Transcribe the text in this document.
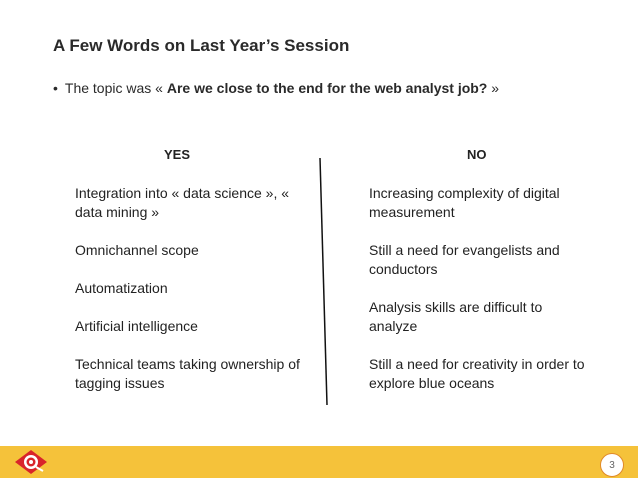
A Few Words on Last Year’s Session
• The topic was « Are we close to the end for the web analyst job? »
YES	NO

Integration into « data science », « data mining »

Omnichannel scope

Automatization

Artificial intelligence

Technical teams taking ownership of tagging issues

Increasing complexity of digital measurement

Still a need for evangelists and conductors

Analysis skills are difficult to analyze

Still a need for creativity in order to explore blue oceans

3
